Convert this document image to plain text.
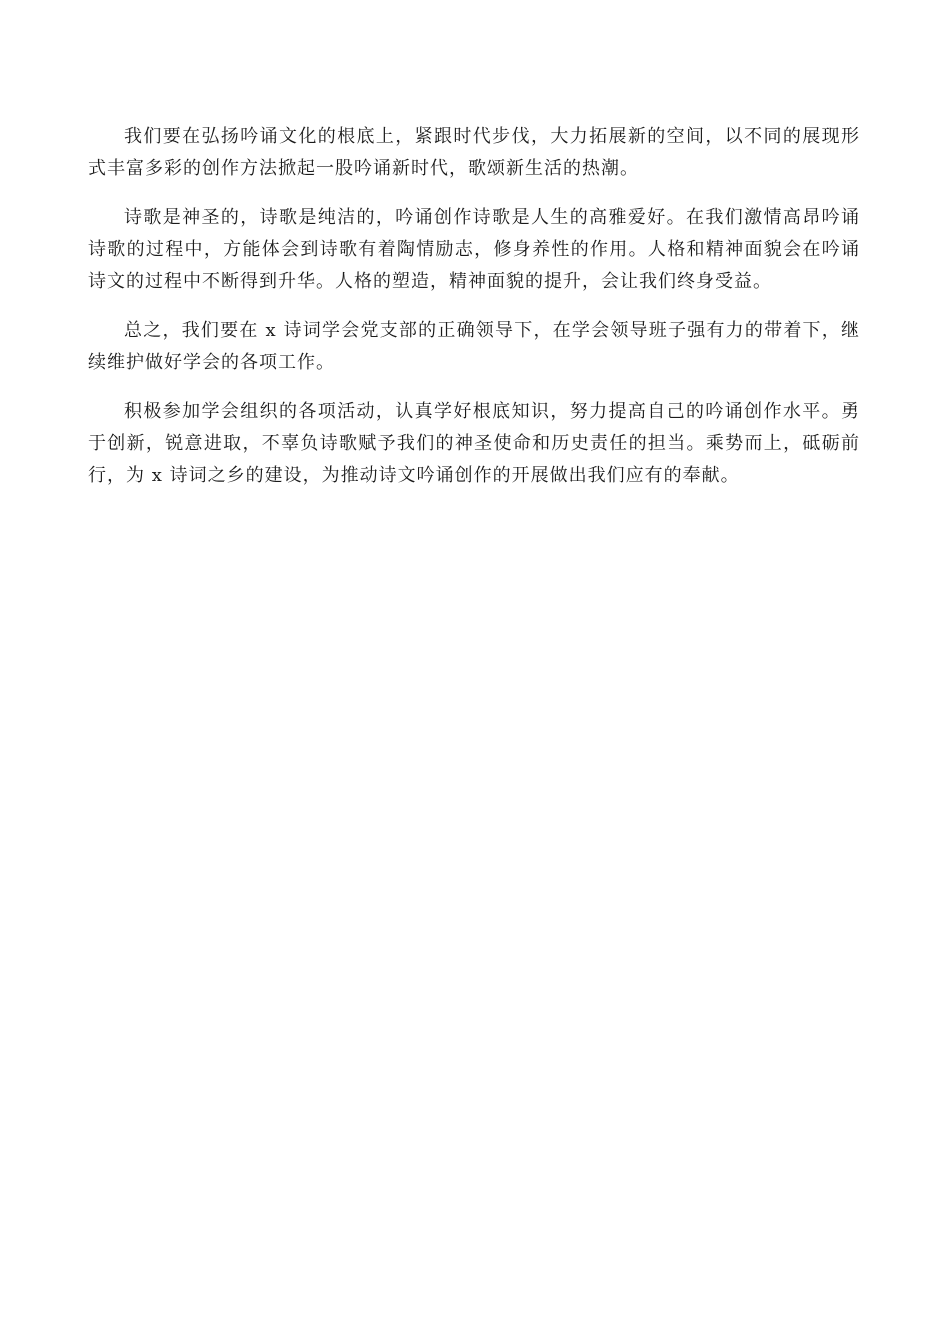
我们要在弘扬吟诵文化的根底上，紧跟时代步伐，大力拓展新的空间，以不同的展现形
式丰富多彩的创作方法掀起一股吟诵新时代，歌颂新生活的热潮。
诗歌是神圣的，诗歌是纯洁的，吟诵创作诗歌是人生的高雅爱好。在我们激情高昂吟诵
诗歌的过程中，方能体会到诗歌有着陶情励志，修身养性的作用。人格和精神面貌会在吟诵
诗文的过程中不断得到升华。人格的塑造，精神面貌的提升，会让我们终身受益。
总之，我们要在 x 诗词学会党支部的正确领导下，在学会领导班子强有力的带着下，继
续维护做好学会的各项工作。
积极参加学会组织的各项活动，认真学好根底知识，努力提高自己的吟诵创作水平。勇
于创新，锐意进取，不辜负诗歌赋予我们的神圣使命和历史责任的担当。乘势而上，砥砺前
行，为 x 诗词之乡的建设，为推动诗文吟诵创作的开展做出我们应有的奉献。
